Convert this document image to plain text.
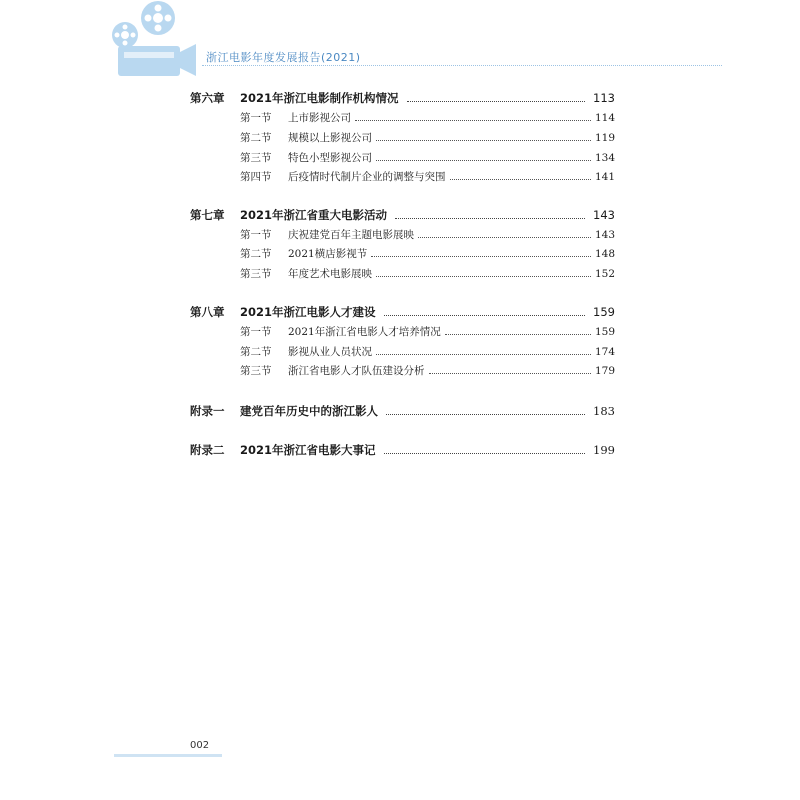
浙江电影年度发展报告(2021)
第六章	2021年浙江电影制作机构情况	113
第一节	上市影视公司	114
第二节	规模以上影视公司	119
第三节	特色小型影视公司	134
第四节	后疫情时代制片企业的调整与突围	141
第七章	2021年浙江省重大电影活动	143
第一节	庆祝建党百年主题电影展映	143
第二节	2021横店影视节	148
第三节	年度艺术电影展映	152
第八章	2021年浙江电影人才建设	159
第一节	2021年浙江省电影人才培养情况	159
第二节	影视从业人员状况	174
第三节	浙江省电影人才队伍建设分析	179
附录一	建党百年历史中的浙江影人	183
附录二	2021年浙江省电影大事记	199
002
